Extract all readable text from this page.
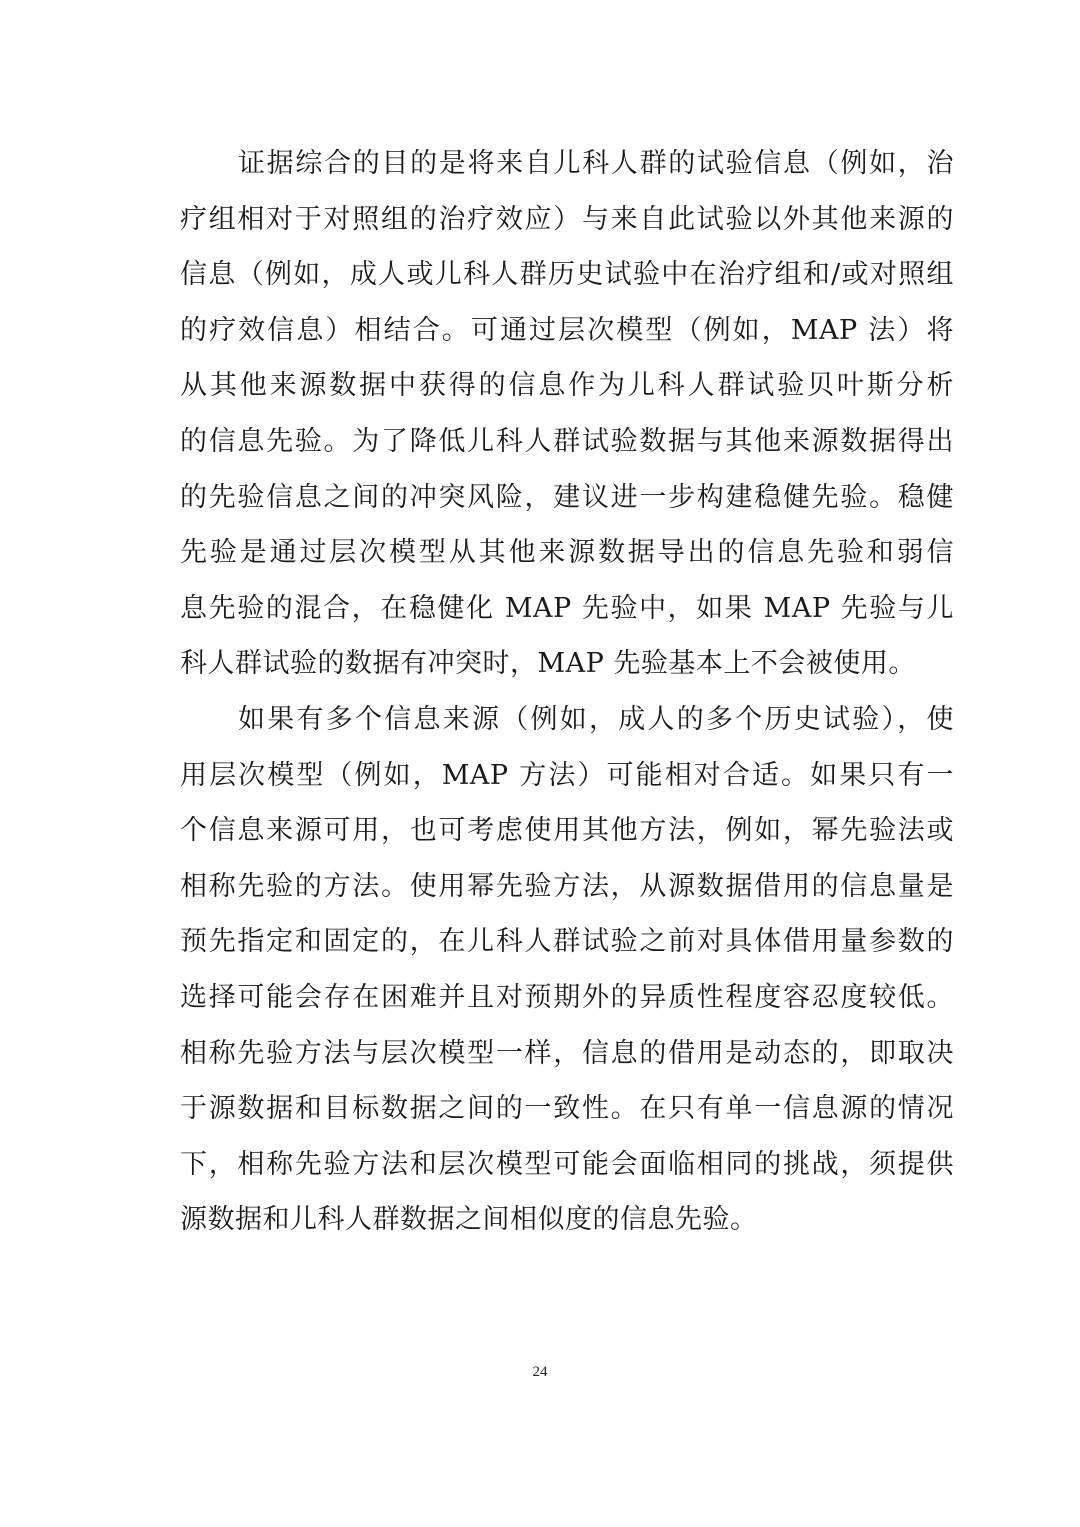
证据综合的目的是将来自儿科人群的试验信息（例如，治
疗组相对于对照组的治疗效应）与来自此试验以外其他来源的
信息（例如，成人或儿科人群历史试验中在治疗组和/或对照组
的疗效信息）相结合。可通过层次模型（例如，MAP 法）将
从其他来源数据中获得的信息作为儿科人群试验贝叶斯分析
的信息先验。为了降低儿科人群试验数据与其他来源数据得出
的先验信息之间的冲突风险，建议进一步构建稳健先验。稳健
先验是通过层次模型从其他来源数据导出的信息先验和弱信
息先验的混合，在稳健化 MAP 先验中，如果 MAP 先验与儿
科人群试验的数据有冲突时，MAP 先验基本上不会被使用。
如果有多个信息来源（例如，成人的多个历史试验），使
用层次模型（例如，MAP 方法）可能相对合适。如果只有一
个信息来源可用，也可考虑使用其他方法，例如，幂先验法或
相称先验的方法。使用幂先验方法，从源数据借用的信息量是
预先指定和固定的，在儿科人群试验之前对具体借用量参数的
选择可能会存在困难并且对预期外的异质性程度容忍度较低。
相称先验方法与层次模型一样，信息的借用是动态的，即取决
于源数据和目标数据之间的一致性。在只有单一信息源的情况
下，相称先验方法和层次模型可能会面临相同的挑战，须提供
源数据和儿科人群数据之间相似度的信息先验。
24
